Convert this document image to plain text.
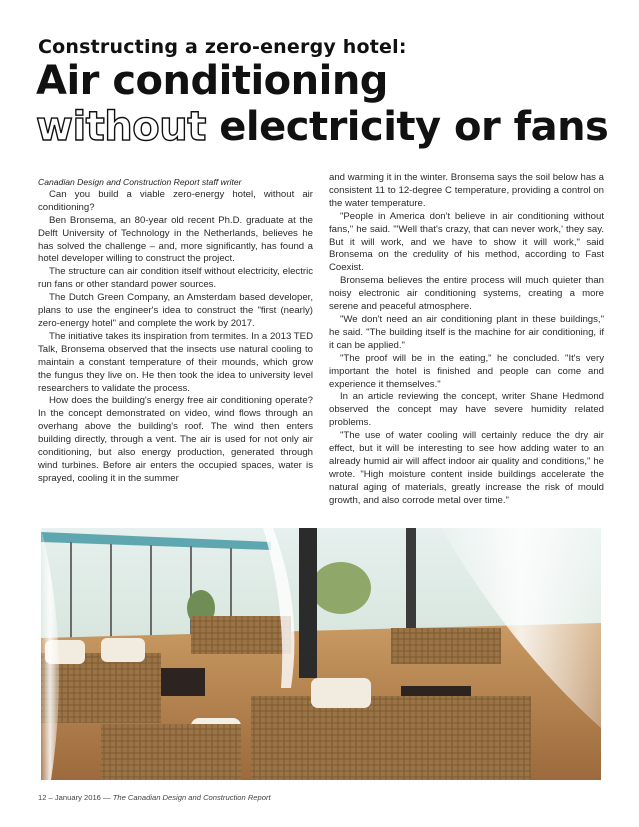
Constructing a zero-energy hotel:
Air conditioning
without electricity or fans

Canadian Design and Construction Report staff writer

Can you build a viable zero-energy hotel, without air conditioning?

Ben Bronsema, an 80-year old recent Ph.D. graduate at the Delft University of Technology in the Netherlands, believes he has solved the challenge – and, more significantly, has found a hotel developer willing to construct the project.

The structure can air condition itself without electricity, electric run fans or other standard power sources.

The Dutch Green Company, an Amsterdam based developer, plans to use the engineer's idea to construct the "first (nearly) zero-energy hotel" and complete the work by 2017.

The initiative takes its inspiration from termites. In a 2013 TED Talk, Bronsema observed that the insects use natural cooling to maintain a constant temperature of their mounds, which grow the fungus they live on. He then took the idea to university level researchers to validate the process.

How does the building's energy free air conditioning operate? In the concept demonstrated on video, wind flows through an overhang above the building's roof. The wind then enters building directly, through a vent. The air is used for not only air conditioning, but also energy production, generated through wind turbines. Before air enters the occupied spaces, water is sprayed, cooling it in the summer

and warming it in the winter. Bronsema says the soil below has a consistent 11 to 12-degree C temperature, providing a control on the water temperature.

"People in America don't believe in air conditioning without fans," he said. "'Well that's crazy, that can never work,' they say. But it will work, and we have to show it will work," said Bronsema on the credulity of his method, according to Fast Coexist.

Bronsema believes the entire process will much quieter than noisy electronic air conditioning systems, creating a more serene and peaceful atmosphere.

"We don't need an air conditioning plant in these buildings," he said. "The building itself is the machine for air conditioning, if it can be applied."

"The proof will be in the eating," he concluded. "It's very important the hotel is finished and people can come and experience it themselves."

In an article reviewing the concept, writer Shane Hedmond observed the concept may have severe humidity related problems.

"The use of water cooling will certainly reduce the dry air effect, but it will be interesting to see how adding water to an already humid air will affect indoor air quality and conditions," he wrote. "High moisture content inside buildings accelerate the natural aging of materials, greatly increase the risk of mould growth, and also corrode metal over time."

12 – January 2016 — The Canadian Design and Construction Report
